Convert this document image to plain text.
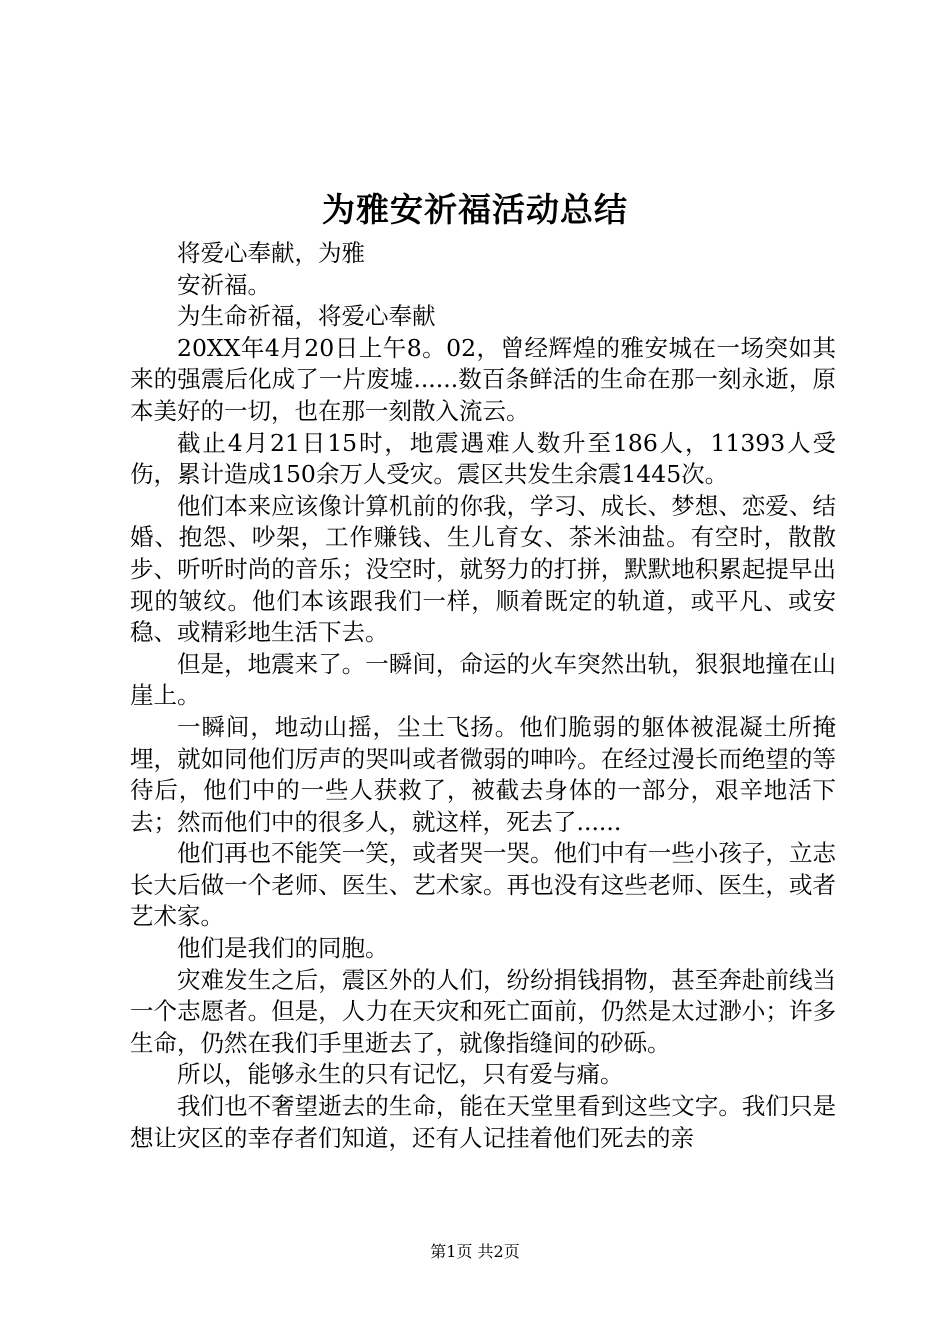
为雅安祈福活动总结

将爱心奉献，为雅

安祈福。

为生命祈福，将爱心奉献

20XX年4月20日上午8。02，曾经辉煌的雅安城在一场突如其来的强震后化成了一片废墟......数百条鲜活的生命在那一刻永逝，原本美好的一切，也在那一刻散入流云。

截止4月21日15时，地震遇难人数升至186人，11393人受伤，累计造成150余万人受灾。震区共发生余震1445次。

他们本来应该像计算机前的你我，学习、成长、梦想、恋爱、结婚、抱怨、吵架，工作赚钱、生儿育女、茶米油盐。有空时，散散步、听听时尚的音乐；没空时，就努力的打拼，默默地积累起提早出现的皱纹。他们本该跟我们一样，顺着既定的轨道，或平凡、或安稳、或精彩地生活下去。

但是，地震来了。一瞬间，命运的火车突然出轨，狠狠地撞在山崖上。

一瞬间，地动山摇，尘土飞扬。他们脆弱的躯体被混凝土所掩埋，就如同他们厉声的哭叫或者微弱的呻吟。在经过漫长而绝望的等待后，他们中的一些人获救了，被截去身体的一部分，艰辛地活下去；然而他们中的很多人，就这样，死去了......

他们再也不能笑一笑，或者哭一哭。他们中有一些小孩子，立志长大后做一个老师、医生、艺术家。再也没有这些老师、医生，或者艺术家。

他们是我们的同胞。

灾难发生之后，震区外的人们，纷纷捐钱捐物，甚至奔赴前线当一个志愿者。但是，人力在天灾和死亡面前，仍然是太过渺小；许多生命，仍然在我们手里逝去了，就像指缝间的砂砾。

所以，能够永生的只有记忆，只有爱与痛。

我们也不奢望逝去的生命，能在天堂里看到这些文字。我们只是想让灾区的幸存者们知道，还有人记挂着他们死去的亲

第1页 共2页
